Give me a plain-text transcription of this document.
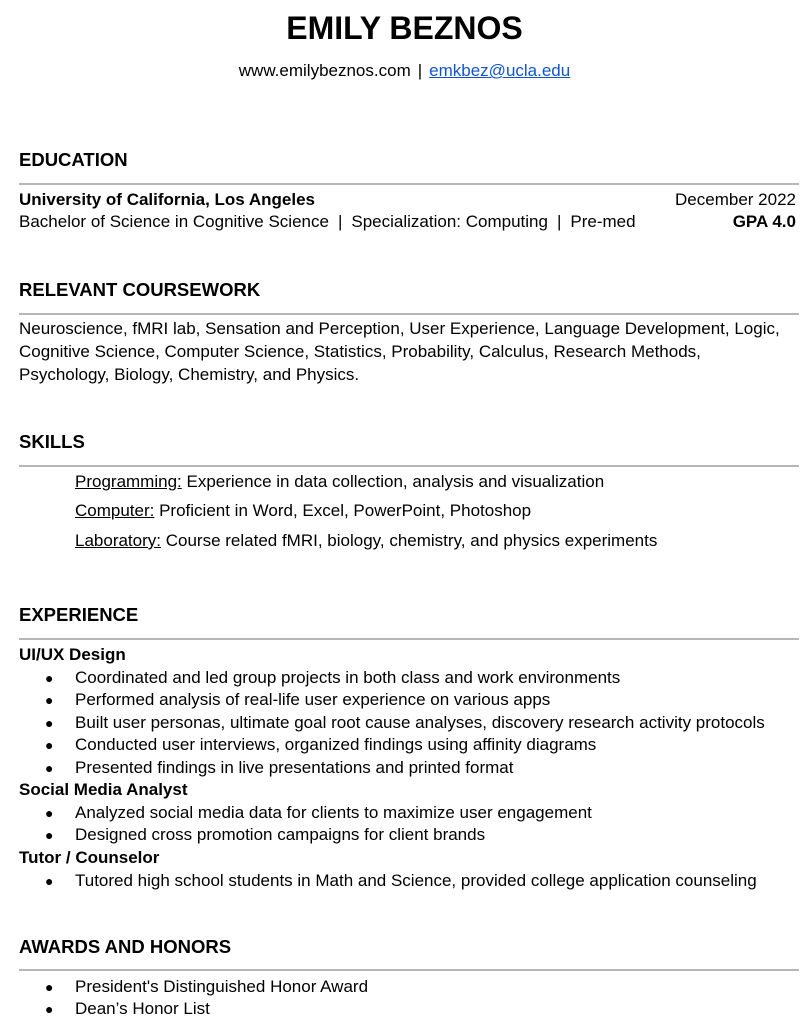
EMILY BEZNOS
www.emilybeznos.com | emkbez@ucla.edu
EDUCATION
University of California, Los Angeles	December 2022
Bachelor of Science in Cognitive Science | Specialization: Computing | Pre-med	GPA 4.0
RELEVANT COURSEWORK
Neuroscience, fMRI lab, Sensation and Perception, User Experience, Language Development, Logic,
Cognitive Science, Computer Science, Statistics, Probability, Calculus, Research Methods,
Psychology, Biology, Chemistry, and Physics.
SKILLS
Programming: Experience in data collection, analysis and visualization
Computer: Proficient in Word, Excel, PowerPoint, Photoshop
Laboratory: Course related fMRI, biology, chemistry, and physics experiments
EXPERIENCE
UI/UX Design
● Coordinated and led group projects in both class and work environments
● Performed analysis of real-life user experience on various apps
● Built user personas, ultimate goal root cause analyses, discovery research activity protocols
● Conducted user interviews, organized findings using affinity diagrams
● Presented findings in live presentations and printed format
Social Media Analyst
● Analyzed social media data for clients to maximize user engagement
● Designed cross promotion campaigns for client brands
Tutor / Counselor
● Tutored high school students in Math and Science, provided college application counseling
AWARDS AND HONORS
● President's Distinguished Honor Award
● Dean’s Honor List
